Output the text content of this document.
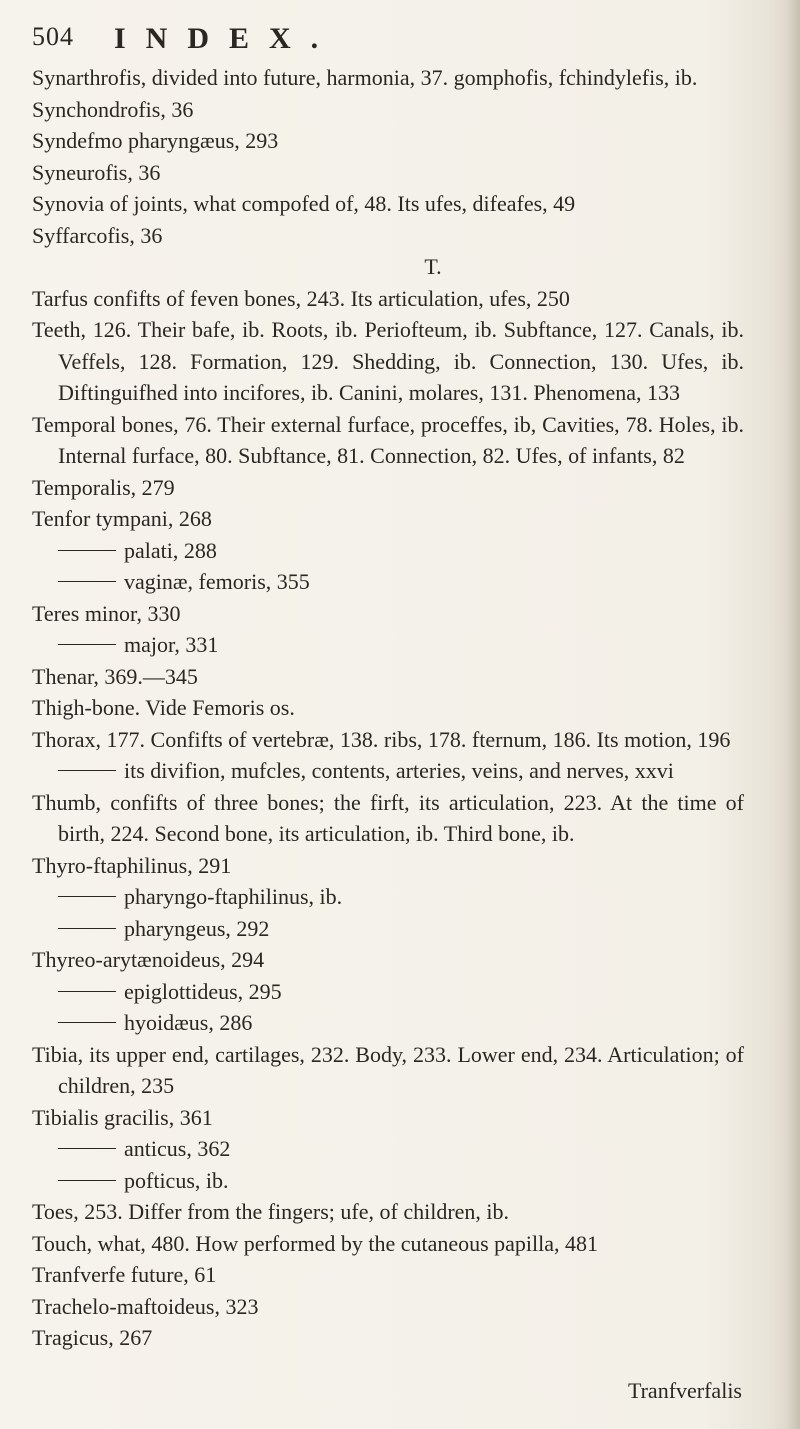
504 INDEX.

Synarthrofis, divided into future, harmonia, 37. gomphofis, fchindylefis, ib.

Synchondrofis, 36

Syndefmo pharyngæus, 293

Syneurofis, 36

Synovia of joints, what compofed of, 48. Its ufes, difeafes, 49

Syffarcofis, 36

T.

Tarfus confifts of feven bones, 243. Its articulation, ufes, 250

Teeth, 126. Their bafe, ib. Roots, ib. Periofteum, ib. Subftance, 127. Canals, ib. Veffels, 128. Formation, 129. Shedding, ib. Connection, 130. Ufes, ib. Diftinguifhed into incifores, ib. Canini, molares, 131. Phenomena, 133

Temporal bones, 76. Their external furface, proceffes, ib, Cavities, 78. Holes, ib. Internal furface, 80. Subftance, 81. Connection, 82. Ufes, of infants, 82

Temporalis, 279

Tenfor tympani, 268

palati, 288

vaginæ, femoris, 355

Teres minor, 330

major, 331

Thenar, 369.—345

Thigh-bone. Vide Femoris os.

Thorax, 177. Confifts of vertebræ, 138. ribs, 178. fternum, 186. Its motion, 196

its divifion, mufcles, contents, arteries, veins, and nerves, xxvi

Thumb, confifts of three bones; the firft, its articulation, 223. At the time of birth, 224. Second bone, its articulation, ib. Third bone, ib.

Thyro-ftaphilinus, 291

pharyngo-ftaphilinus, ib.

pharyngeus, 292

Thyreo-arytænoideus, 294

epiglottideus, 295

hyoidæus, 286

Tibia, its upper end, cartilages, 232. Body, 233. Lower end, 234. Articulation; of children, 235

Tibialis gracilis, 361

anticus, 362

pofticus, ib.

Toes, 253. Differ from the fingers; ufe, of children, ib.

Touch, what, 480. How performed by the cutaneous papilla, 481

Tranfverfe future, 61

Trachelo-maftoideus, 323

Tragicus, 267

Tranfverfalis
